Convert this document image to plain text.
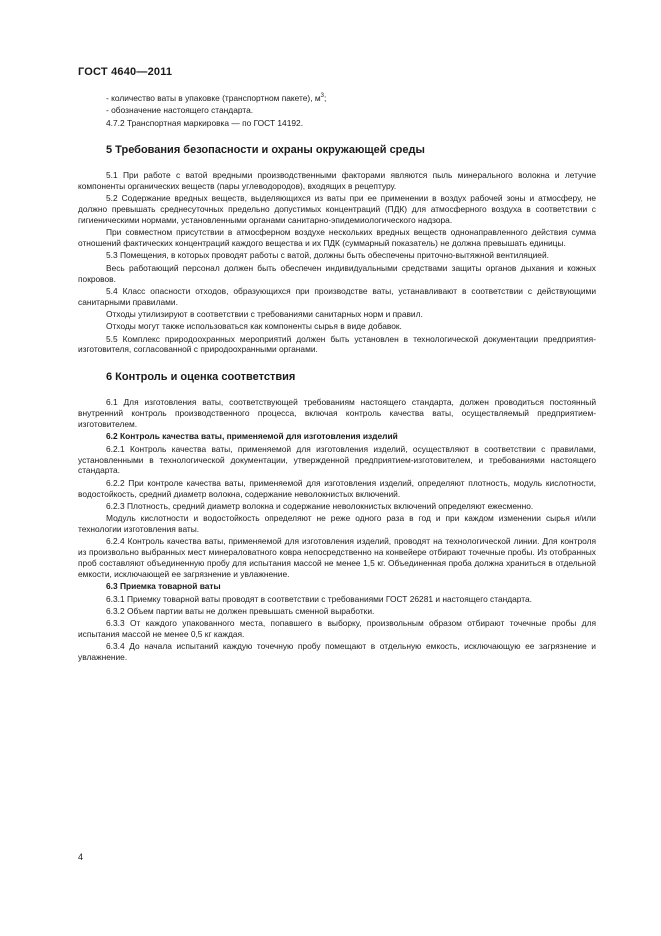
ГОСТ 4640—2011
- количество ваты в упаковке (транспортном пакете), $м^3$;
- обозначение настоящего стандарта.
4.7.2 Транспортная маркировка — по ГОСТ 14192.
5 Требования безопасности и охраны окружающей среды

5.1 При работе с ватой вредными производственными факторами являются пыль минерального волокна и летучие компоненты органических веществ (пары углеводородов), входящих в рецептуру.

5.2 Содержание вредных веществ, выделяющихся из ваты при ее применении в воздух рабочей зоны и атмосферу, не должно превышать среднесуточных предельно допустимых концентраций (ПДК) для атмосферного воздуха в соответствии с гигиеническими нормами, установленными органами санитарно-эпидемиологического надзора.

При совместном присутствии в атмосферном воздухе нескольких вредных веществ однонаправленного действия сумма отношений фактических концентраций каждого вещества и их ПДК (суммарный показатель) не должна превышать единицы.

5.3 Помещения, в которых проводят работы с ватой, должны быть обеспечены приточно-вытяжной вентиляцией.

Весь работающий персонал должен быть обеспечен индивидуальными средствами защиты органов дыхания и кожных покровов.

5.4 Класс опасности отходов, образующихся при производстве ваты, устанавливают в соответствии с действующими санитарными правилами.

Отходы утилизируют в соответствии с требованиями санитарных норм и правил.

Отходы могут также использоваться как компоненты сырья в виде добавок.

5.5 Комплекс природоохранных мероприятий должен быть установлен в технологической документации предприятия-изготовителя, согласованной с природоохранными органами.

6 Контроль и оценка соответствия

6.1 Для изготовления ваты, соответствующей требованиям настоящего стандарта, должен проводиться постоянный внутренний контроль производственного процесса, включая контроль качества ваты, осуществляемый предприятием-изготовителем.

6.2 Контроль качества ваты, применяемой для изготовления изделий

6.2.1 Контроль качества ваты, применяемой для изготовления изделий, осуществляют в соответствии с правилами, установленными в технологической документации, утвержденной предприятием-изготовителем, и требованиями настоящего стандарта.

6.2.2 При контроле качества ваты, применяемой для изготовления изделий, определяют плотность, модуль кислотности, водостойкость, средний диаметр волокна, содержание неволокнистых включений.

6.2.3 Плотность, средний диаметр волокна и содержание неволокнистых включений определяют ежесменно.

Модуль кислотности и водостойкость определяют не реже одного раза в год и при каждом изменении сырья и/или технологии изготовления ваты.

6.2.4 Контроль качества ваты, применяемой для изготовления изделий, проводят на технологической линии. Для контроля из произвольно выбранных мест минераловатного ковра непосредственно на конвейере отбирают точечные пробы. Из отобранных проб составляют объединенную пробу для испытания массой не менее 1,5 кг. Объединенная проба должна храниться в отдельной емкости, исключающей ее загрязнение и увлажнение.

6.3 Приемка товарной ваты

6.3.1 Приемку товарной ваты проводят в соответствии с требованиями ГОСТ 26281 и настоящего стандарта.

6.3.2 Объем партии ваты не должен превышать сменной выработки.

6.3.3 От каждого упакованного места, попавшего в выборку, произвольным образом отбирают точечные пробы для испытания массой не менее 0,5 кг каждая.

6.3.4 До начала испытаний каждую точечную пробу помещают в отдельную емкость, исключающую ее загрязнение и увлажнение.

4
